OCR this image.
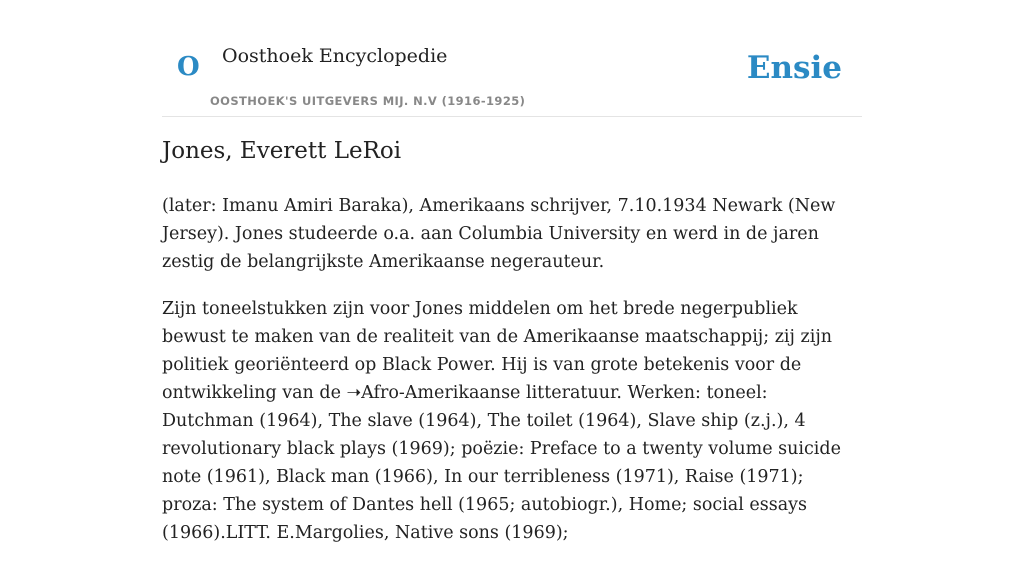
O Oosthoek Encyclopedie
OOSTHOEK'S UITGEVERS MIJ. N.V (1916-1925)
Ensie
Jones, Everett LeRoi

(later: Imanu Amiri Baraka), Amerikaans schrijver, 7.10.1934 Newark (New Jersey). Jones studeerde o.a. aan Columbia University en werd in de jaren zestig de belangrijkste Amerikaanse negerauteur.

Zijn toneelstukken zijn voor Jones middelen om het brede negerpubliek bewust te maken van de realiteit van de Amerikaanse maatschappij; zij zijn politiek georiënteerd op Black Power. Hij is van grote betekenis voor de ontwikkeling van de ➝Afro-Amerikaanse litteratuur. Werken: toneel: Dutchman (1964), The slave (1964), The toilet (1964), Slave ship (z.j.), 4 revolutionary black plays (1969); poëzie: Preface to a twenty volume suicide note (1961), Black man (1966), In our terribleness (1971), Raise (1971); proza: The system of Dantes hell (1965; autobiogr.), Home; social essays (1966).LITT. E.Margolies, Native sons (1969);
